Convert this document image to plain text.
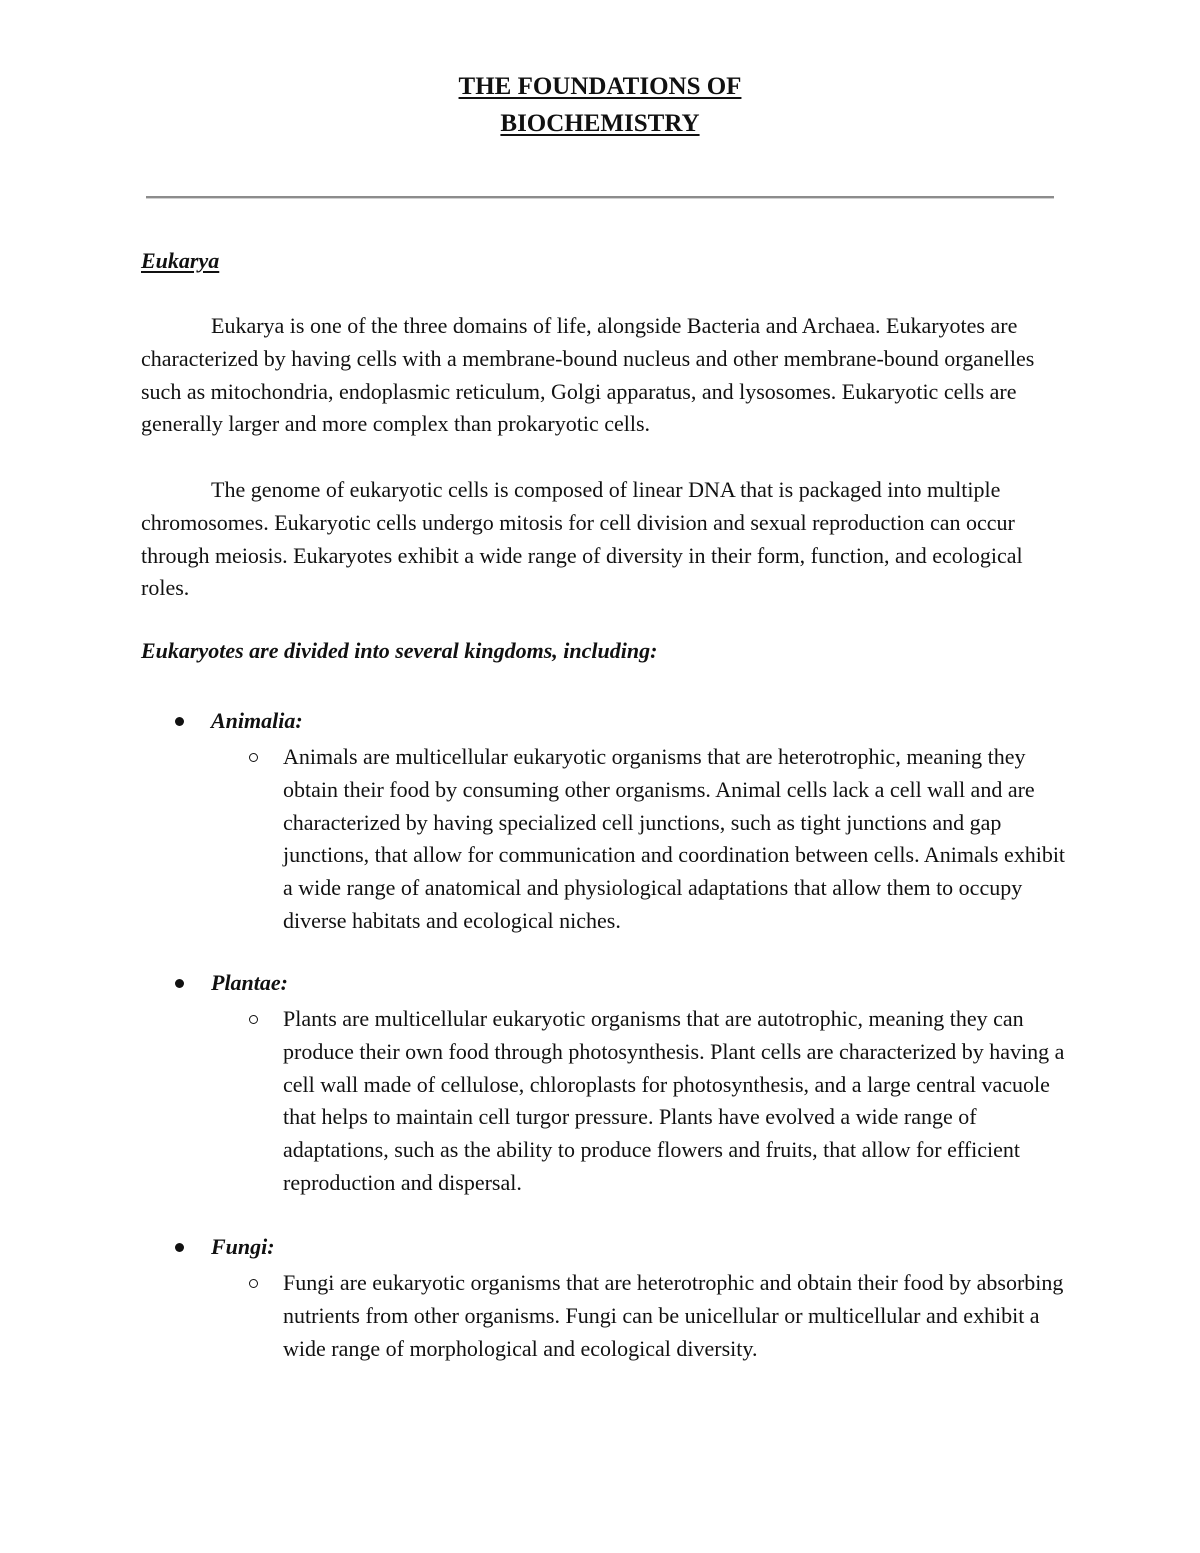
THE FOUNDATIONS OF
BIOCHEMISTRY
Eukarya

Eukarya is one of the three domains of life, alongside Bacteria and Archaea. Eukaryotes are characterized by having cells with a membrane-bound nucleus and other membrane-bound organelles such as mitochondria, endoplasmic reticulum, Golgi apparatus, and lysosomes. Eukaryotic cells are generally larger and more complex than prokaryotic cells.

The genome of eukaryotic cells is composed of linear DNA that is packaged into multiple chromosomes. Eukaryotic cells undergo mitosis for cell division and sexual reproduction can occur through meiosis. Eukaryotes exhibit a wide range of diversity in their form, function, and ecological roles.

Eukaryotes are divided into several kingdoms, including:
Animalia:
Animals are multicellular eukaryotic organisms that are heterotrophic, meaning they obtain their food by consuming other organisms. Animal cells lack a cell wall and are characterized by having specialized cell junctions, such as tight junctions and gap junctions, that allow for communication and coordination between cells. Animals exhibit a wide range of anatomical and physiological adaptations that allow them to occupy diverse habitats and ecological niches.
Plantae:
Plants are multicellular eukaryotic organisms that are autotrophic, meaning they can produce their own food through photosynthesis. Plant cells are characterized by having a cell wall made of cellulose, chloroplasts for photosynthesis, and a large central vacuole that helps to maintain cell turgor pressure. Plants have evolved a wide range of adaptations, such as the ability to produce flowers and fruits, that allow for efficient reproduction and dispersal.
Fungi:
Fungi are eukaryotic organisms that are heterotrophic and obtain their food by absorbing nutrients from other organisms. Fungi can be unicellular or multicellular and exhibit a wide range of morphological and ecological diversity.
